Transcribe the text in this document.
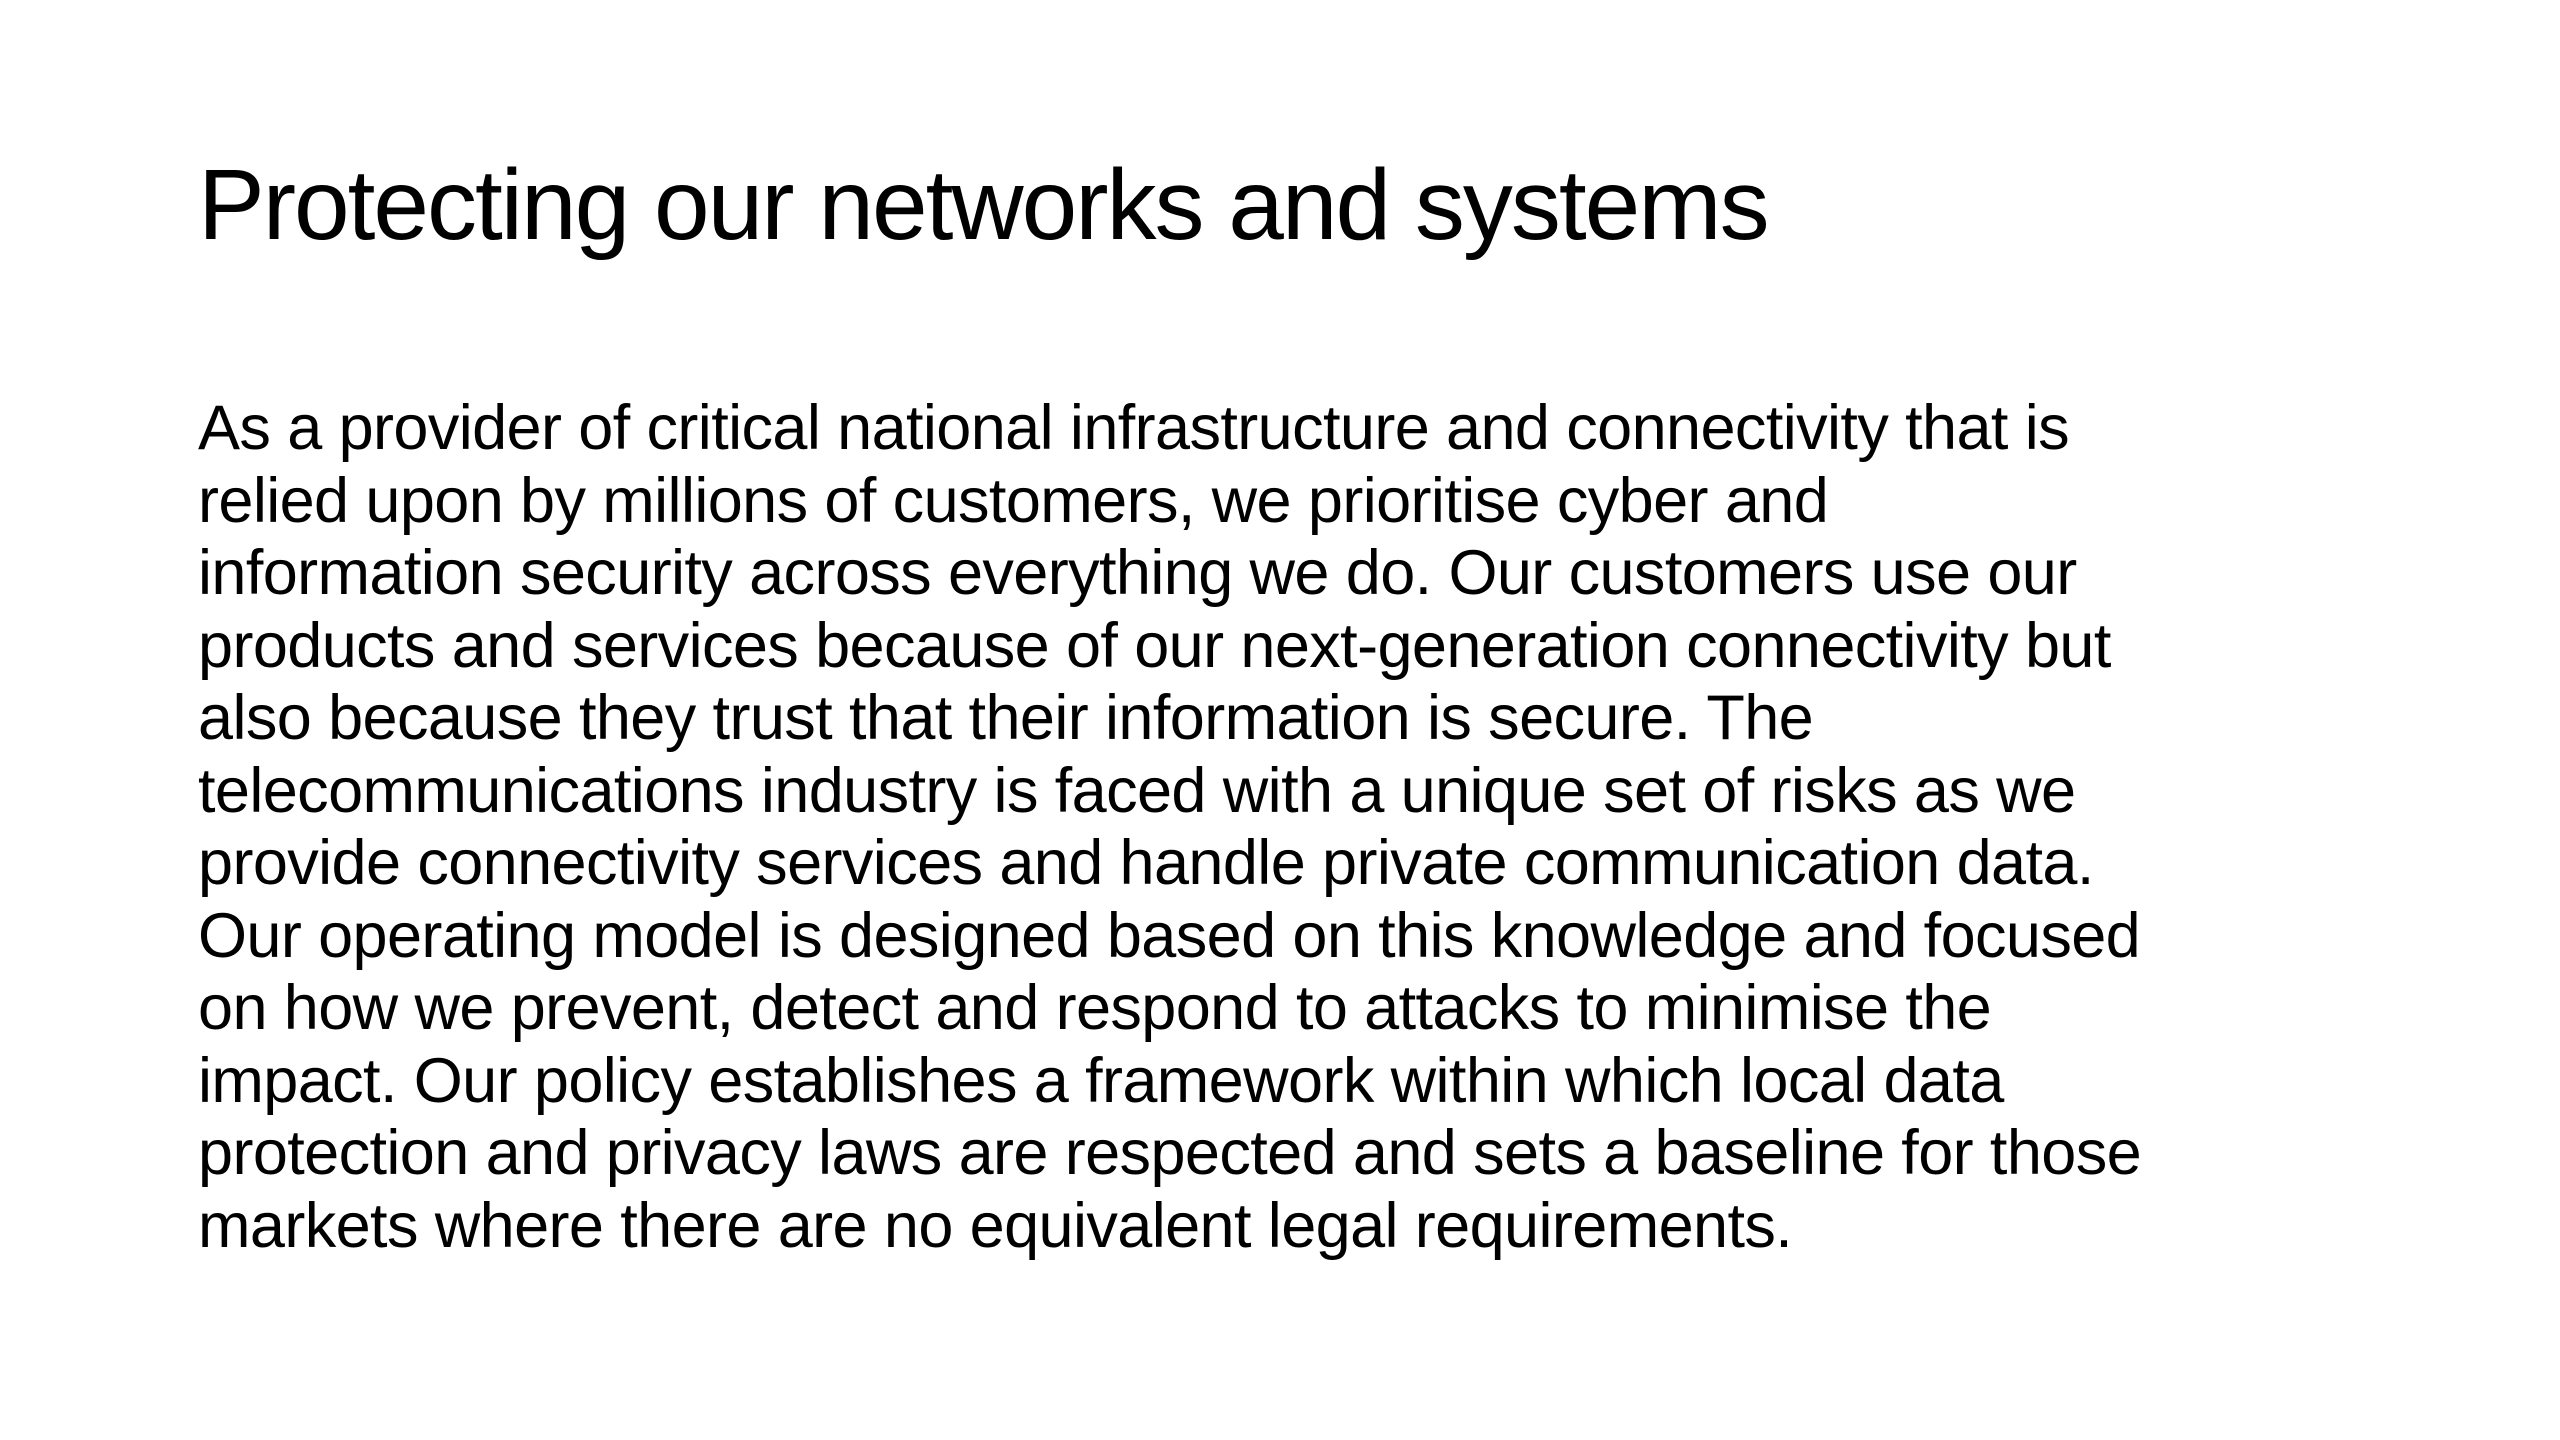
Protecting our networks and systems
As a provider of critical national infrastructure and connectivity that is
relied upon by millions of customers, we prioritise cyber and
information security across everything we do. Our customers use our
products and services because of our next-generation connectivity but
also because they trust that their information is secure. The
telecommunications industry is faced with a unique set of risks as we
provide connectivity services and handle private communication data.
Our operating model is designed based on this knowledge and focused
on how we prevent, detect and respond to attacks to minimise the
impact. Our policy establishes a framework within which local data
protection and privacy laws are respected and sets a baseline for those
markets where there are no equivalent legal requirements.
